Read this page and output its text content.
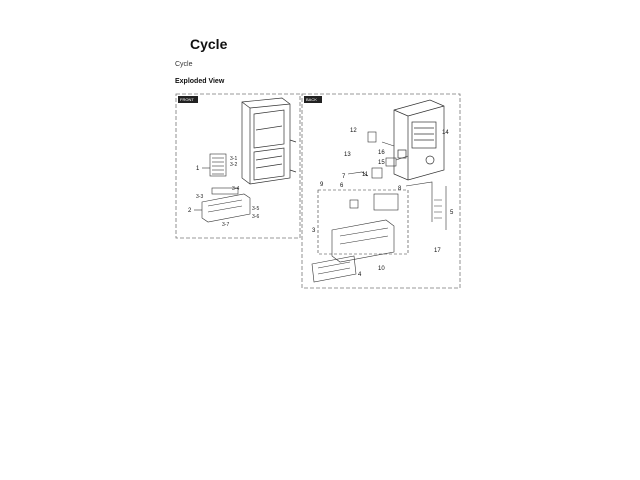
Cycle
Cycle
Exploded View
FRONT
1
2
3-1
3-2
3-3
3-4
3-5
3-6
3-7
BACK
3
4
5
6
7
8
9
10
11
12
13
14
15
16
17
